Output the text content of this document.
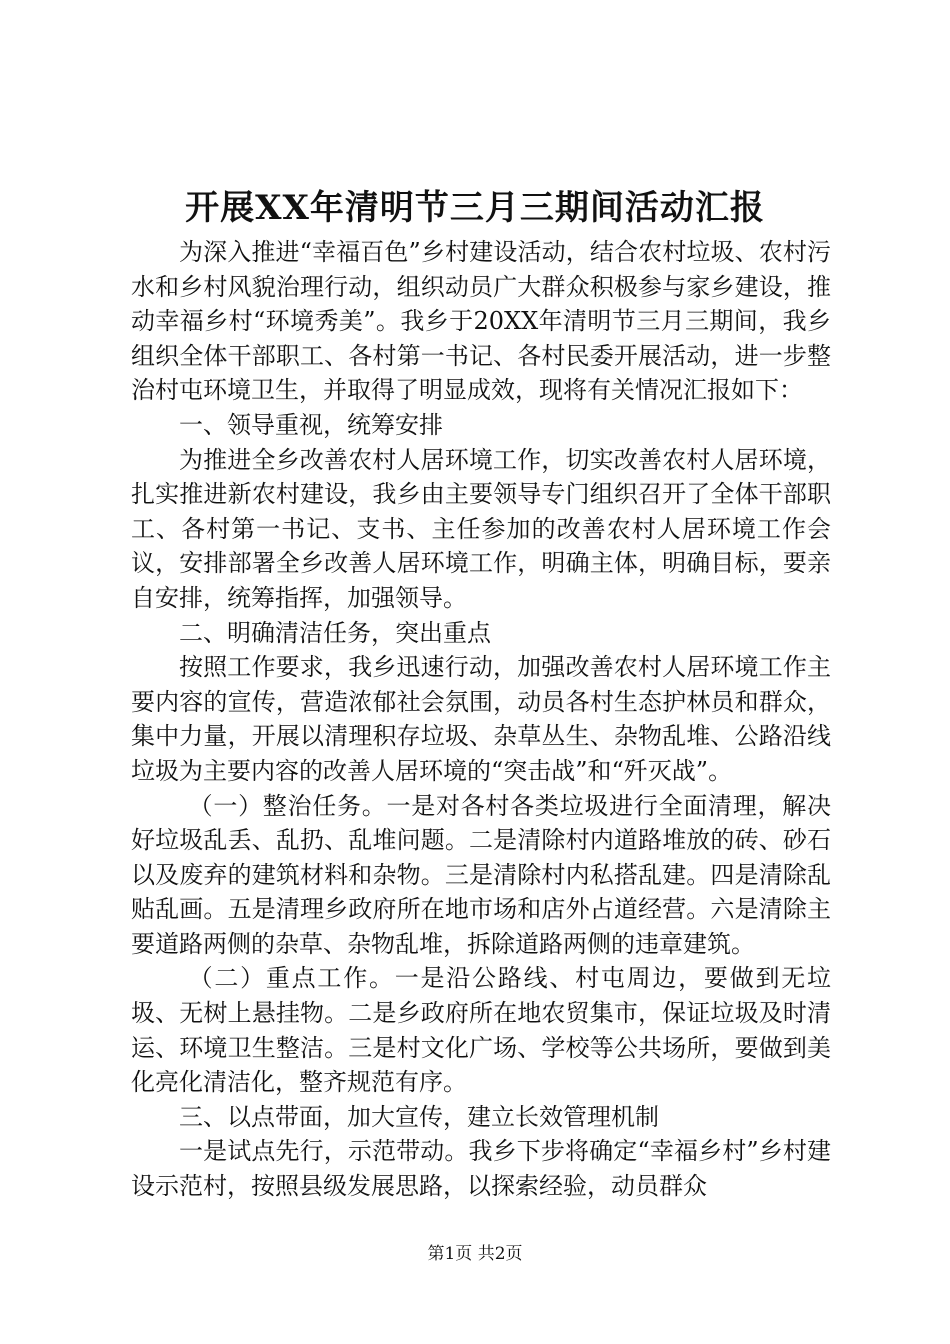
开展XX年清明节三月三期间活动汇报

为深入推进“幸福百色”乡村建设活动，结合农村垃圾、农村污水和乡村风貌治理行动，组织动员广大群众积极参与家乡建设，推动幸福乡村“环境秀美”。我乡于20XX年清明节三月三期间，我乡组织全体干部职工、各村第一书记、各村民委开展活动，进一步整治村屯环境卫生，并取得了明显成效，现将有关情况汇报如下：

一、领导重视，统筹安排

为推进全乡改善农村人居环境工作，切实改善农村人居环境，扎实推进新农村建设，我乡由主要领导专门组织召开了全体干部职工、各村第一书记、支书、主任参加的改善农村人居环境工作会议，安排部署全乡改善人居环境工作，明确主体，明确目标，要亲自安排，统筹指挥，加强领导。

二、明确清洁任务，突出重点

按照工作要求，我乡迅速行动，加强改善农村人居环境工作主要内容的宣传，营造浓郁社会氛围，动员各村生态护林员和群众，集中力量，开展以清理积存垃圾、杂草丛生、杂物乱堆、公路沿线垃圾为主要内容的改善人居环境的“突击战”和“歼灭战”。

（一）整治任务。一是对各村各类垃圾进行全面清理，解决好垃圾乱丢、乱扔、乱堆问题。二是清除村内道路堆放的砖、砂石以及废弃的建筑材料和杂物。三是清除村内私搭乱建。四是清除乱贴乱画。五是清理乡政府所在地市场和店外占道经营。六是清除主要道路两侧的杂草、杂物乱堆，拆除道路两侧的违章建筑。

（二）重点工作。一是沿公路线、村屯周边，要做到无垃圾、无树上悬挂物。二是乡政府所在地农贸集市，保证垃圾及时清运、环境卫生整洁。三是村文化广场、学校等公共场所，要做到美化亮化清洁化，整齐规范有序。

三、以点带面，加大宣传，建立长效管理机制

一是试点先行，示范带动。我乡下步将确定“幸福乡村”乡村建设示范村，按照县级发展思路，以探索经验，动员群众

第1页 共2页
